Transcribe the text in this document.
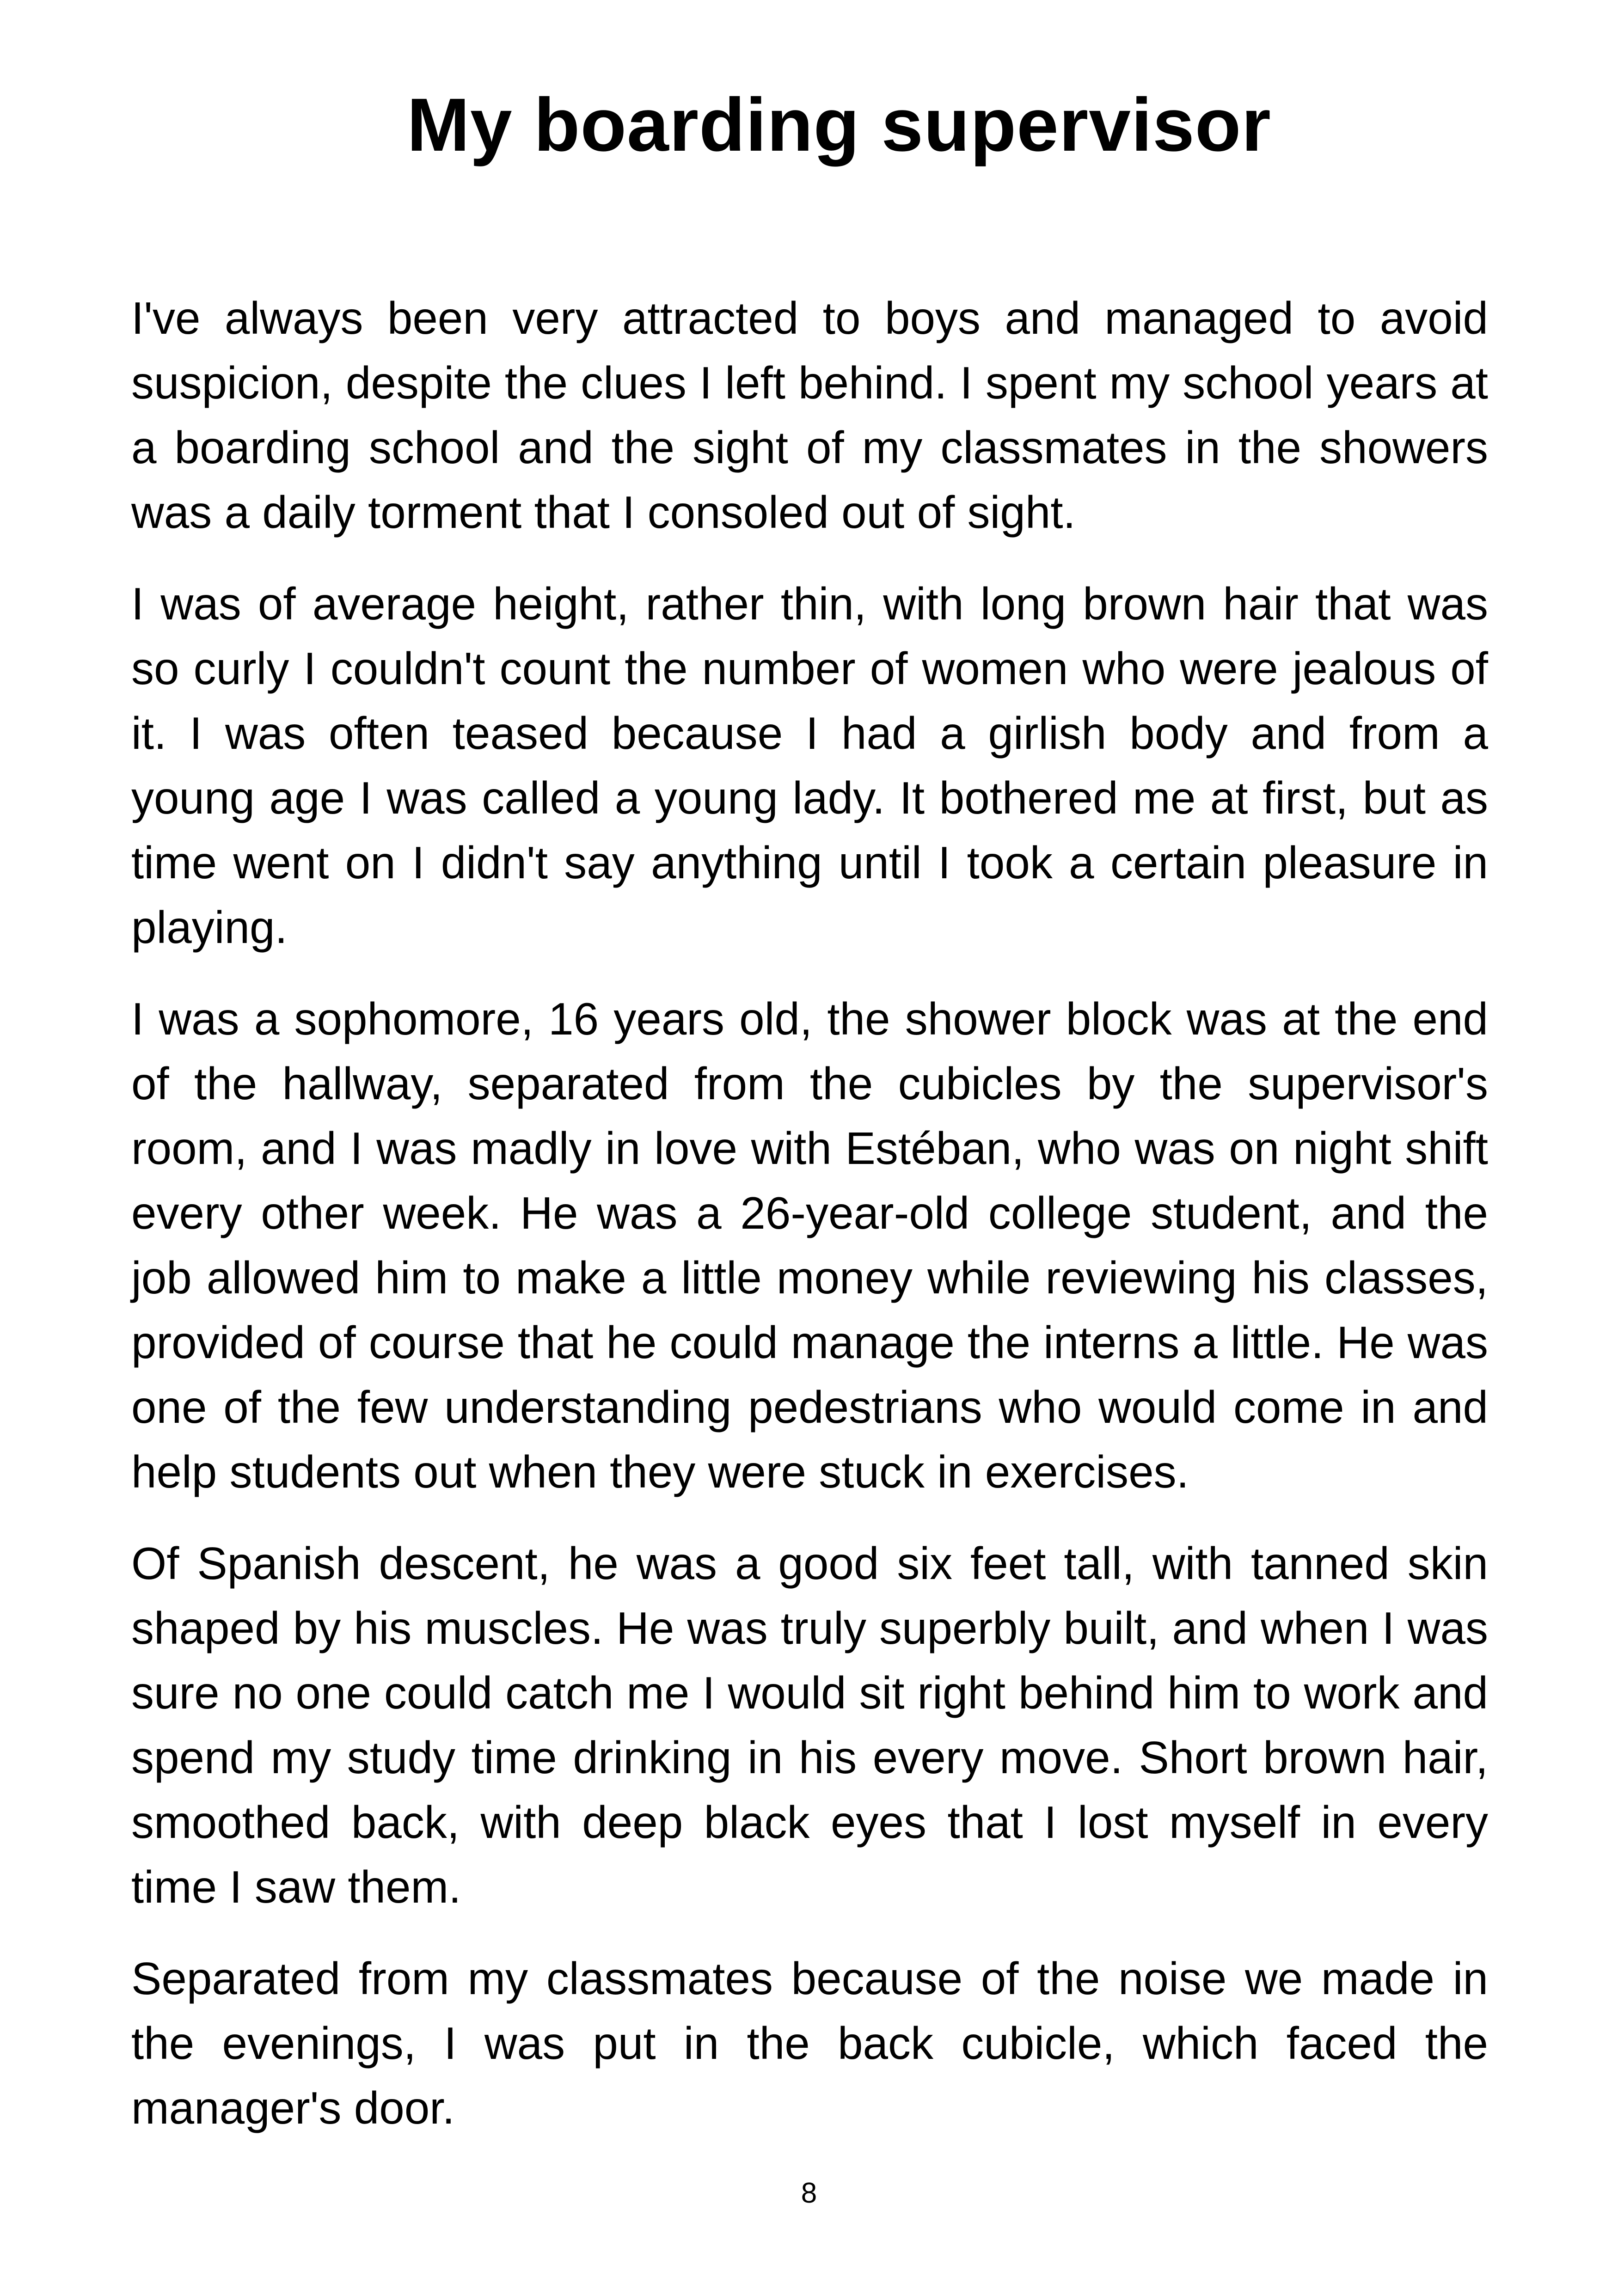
My boarding supervisor

I've always been very attracted to boys and managed to avoid suspicion, despite the clues I left behind. I spent my school years at a boarding school and the sight of my classmates in the showers was a daily torment that I consoled out of sight.

I was of average height, rather thin, with long brown hair that was so curly I couldn't count the number of women who were jealous of it. I was often teased because I had a girlish body and from a young age I was called a young lady. It bothered me at first, but as time went on I didn't say anything until I took a certain pleasure in playing.

I was a sophomore, 16 years old, the shower block was at the end of the hallway, separated from the cubicles by the supervisor's room, and I was madly in love with Estéban, who was on night shift every other week. He was a 26-year-old college student, and the job allowed him to make a little money while reviewing his classes, provided of course that he could manage the interns a little. He was one of the few understanding pedestrians who would come in and help students out when they were stuck in exercises.

Of Spanish descent, he was a good six feet tall, with tanned skin shaped by his muscles. He was truly superbly built, and when I was sure no one could catch me I would sit right behind him to work and spend my study time drinking in his every move. Short brown hair, smoothed back, with deep black eyes that I lost myself in every time I saw them.

Separated from my classmates because of the noise we made in the evenings, I was put in the back cubicle, which faced the manager's door.

8
